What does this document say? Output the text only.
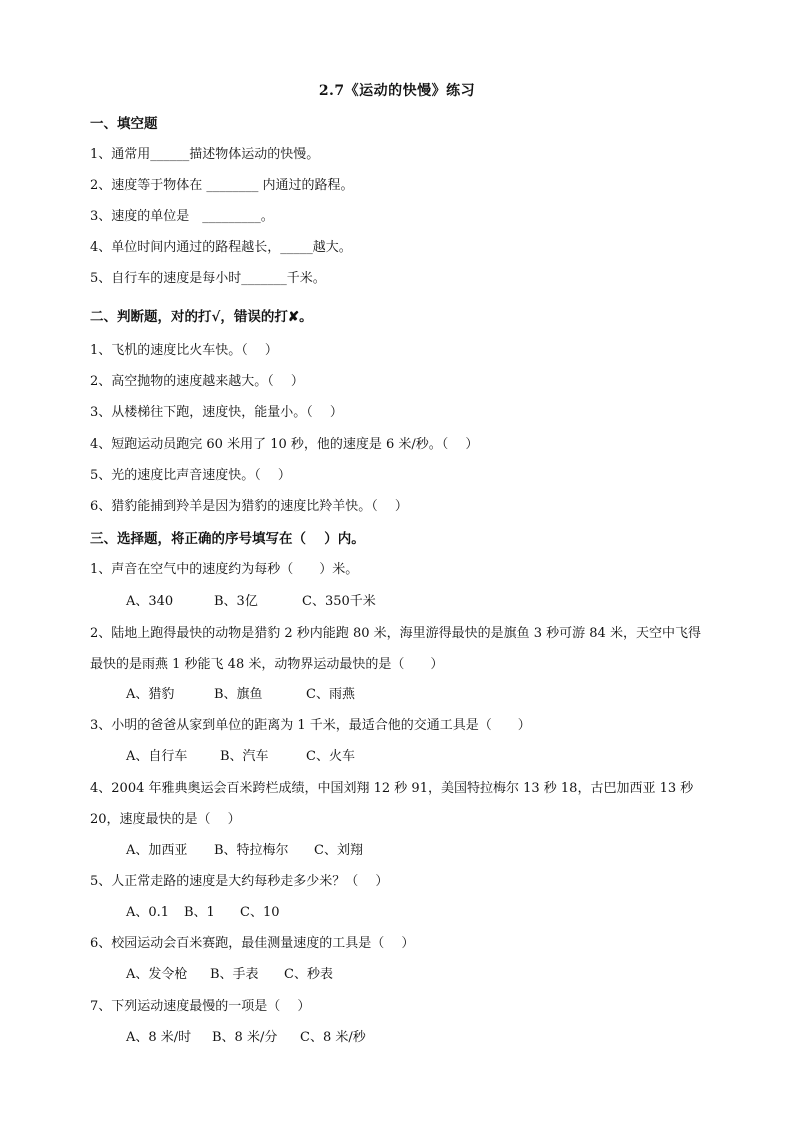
2.7《运动的快慢》练习
一、填空题
1、通常用______描述物体运动的快慢。
2、速度等于物体在 ________ 内通过的路程。
3、速度的单位是　_________。
4、单位时间内通过的路程越长，_____越大。
5、自行车的速度是每小时_______千米。
二、判断题，对的打√，错误的打✘。
1、飞机的速度比火车快。（　 ）
2、高空抛物的速度越来越大。（　 ）
3、从楼梯往下跑，速度快，能量小。（　 ）
4、短跑运动员跑完 60 米用了 10 秒，他的速度是 6 米/秒。（　 ）
5、光的速度比声音速度快。（　 ）
6、猎豹能捕到羚羊是因为猎豹的速度比羚羊快。（　 ）
三、选择题，将正确的序号填写在（　 ）内。
1、声音在空气中的速度约为每秒（　　）米。
A、340	B、3亿	C、350千米
2、陆地上跑得最快的动物是猎豹 2 秒内能跑 80 米，海里游得最快的是旗鱼 3 秒可游 84 米，天空中飞得最快的是雨燕 1 秒能飞 48 米，动物界运动最快的是（　　）
A、猎豹	B、旗鱼	C、雨燕
3、小明的爸爸从家到单位的距离为 1 千米，最适合他的交通工具是（　　）
A、自行车	B、汽车	C、火车
4、2004 年雅典奥运会百米跨栏成绩，中国刘翔 12 秒 91，美国特拉梅尔 13 秒 18，古巴加西亚 13 秒 20，速度最快的是（　 ）
A、加西亚 B、特拉梅尔 C、刘翔
5、人正常走路的速度是大约每秒走多少米？（　 ）
A、0.1 B、1 C、10
6、校园运动会百米赛跑，最佳测量速度的工具是（　 ）
A、发令枪 B、手表 C、秒表
7、下列运动速度最慢的一项是（　 ）
A、8 米/时 B、8 米/分 C、8 米/秒
